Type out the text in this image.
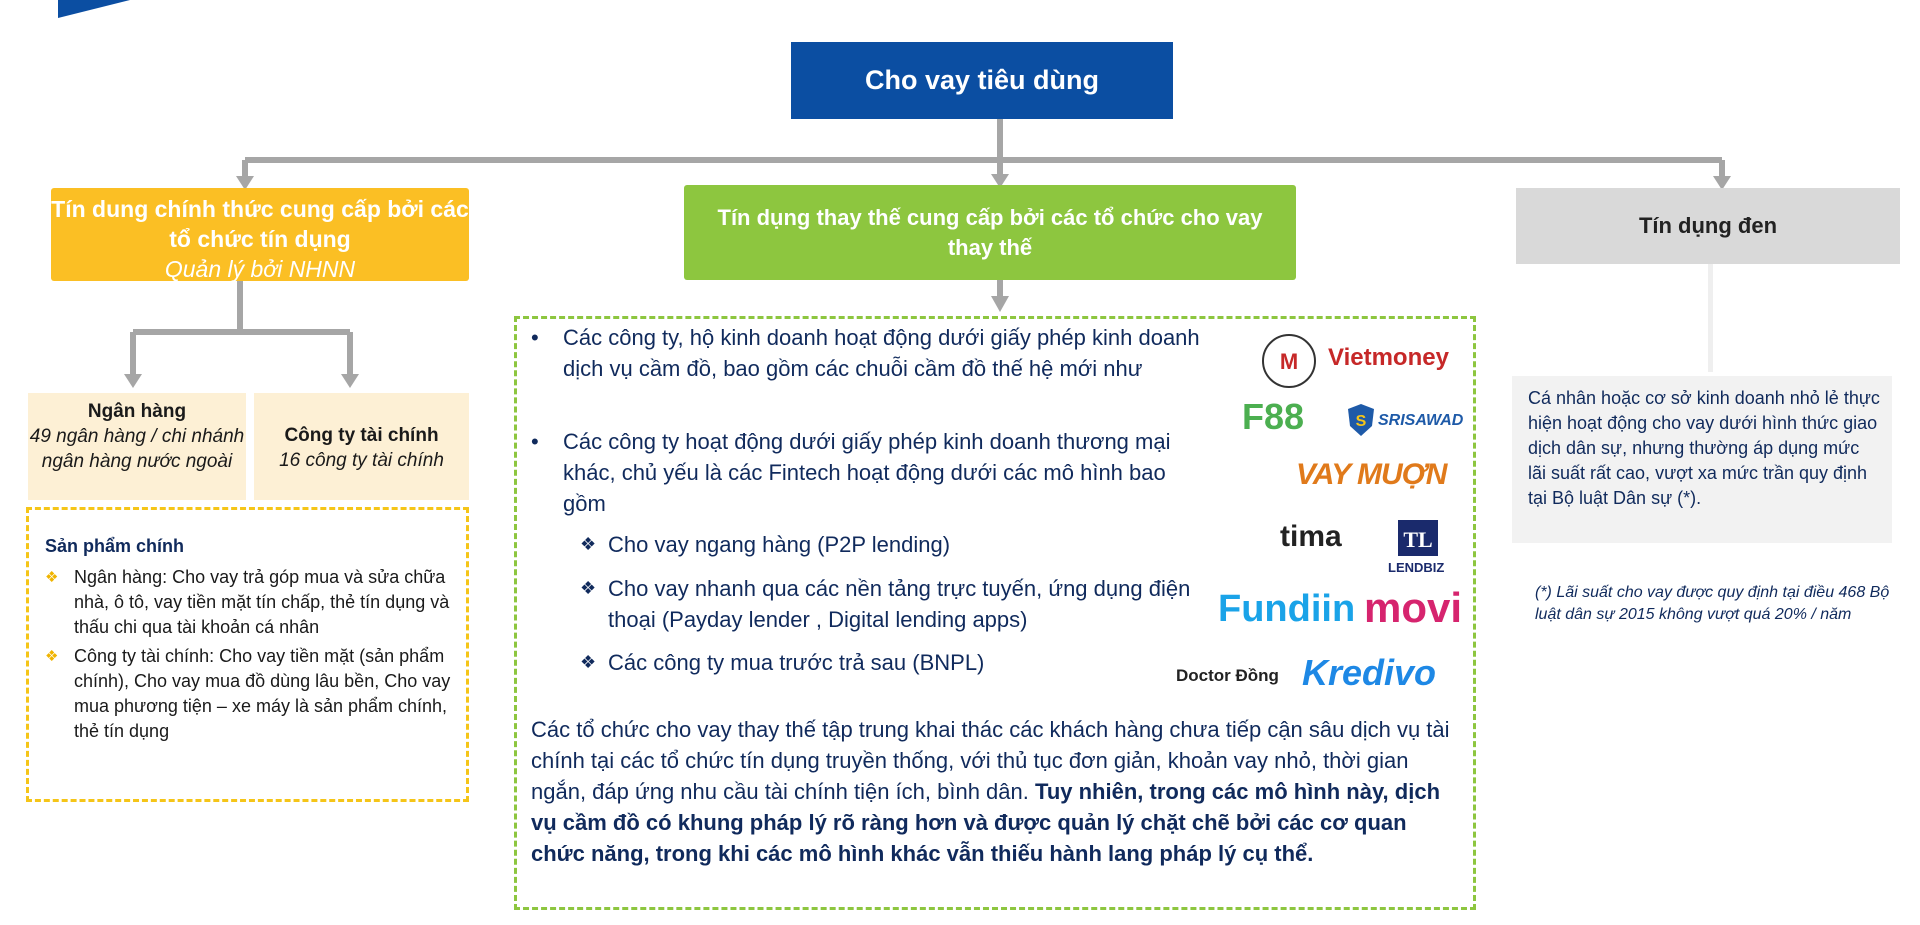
Cho vay tiêu dùng
Tín dung chính thức cung cấp bởi các tổ chức tín dụng
Quản lý bởi NHNN
Tín dụng thay thế cung cấp bởi các tổ chức cho vay thay thế
Tín dụng đen
Ngân hàng
49 ngân hàng / chi nhánh ngân hàng nước ngoài
Công ty tài chính
16 công ty tài chính
Sản phẩm chính
❖ Ngân hàng: Cho vay trả góp mua và sửa chữa nhà, ô tô, vay tiền mặt tín chấp, thẻ tín dụng và thấu chi qua tài khoản cá nhân
❖ Công ty tài chính: Cho vay tiền mặt (sản phẩm chính), Cho vay mua đồ dùng lâu bền, Cho vay mua phương tiện – xe máy là sản phẩm chính, thẻ tín dụng
•	Các công ty, hộ kinh doanh hoạt động dưới giấy phép kinh doanh dịch vụ cầm đồ, bao gồm các chuỗi cầm đồ thế hệ mới như
•	Các công ty hoạt động dưới giấy phép kinh doanh thương mại khác, chủ yếu là các Fintech hoạt động dưới các mô hình bao gồm
❖ Cho vay ngang hàng (P2P lending)
❖ Cho vay nhanh qua các nền tảng trực tuyến, ứng dụng điện thoại (Payday lender , Digital lending apps)
❖ Các công ty mua trước trả sau (BNPL)
Các tổ chức cho vay thay thế tập trung khai thác các khách hàng chưa tiếp cận sâu dịch vụ tài chính tại các tổ chức tín dụng truyền thống, với thủ tục đơn giản, khoản vay nhỏ, thời gian ngắn, đáp ứng nhu cầu tài chính tiện ích, bình dân. Tuy nhiên, trong các mô hình này, dịch vụ cầm đồ có khung pháp lý rõ ràng hơn và được quản lý chặt chẽ bởi các cơ quan chức năng, trong khi các mô hình khác vẫn thiếu hành lang pháp lý cụ thể.
M Vietmoney
F88	S SRISAWAD
VAY MUỢN
tima	TL
LENDBIZ
Fundiin movi
Doctor Đồng Kredivo
Cá nhân hoặc cơ sở kinh doanh nhỏ lẻ thực hiện hoạt động cho vay dưới hình thức giao dịch dân sự, nhưng thường áp dụng mức lãi suất rất cao, vượt xa mức trần quy định tại Bộ luật Dân sự (*).
(*) Lãi suất cho vay được quy định tại điều 468 Bộ luật dân sự 2015 không vượt quá 20% / năm
